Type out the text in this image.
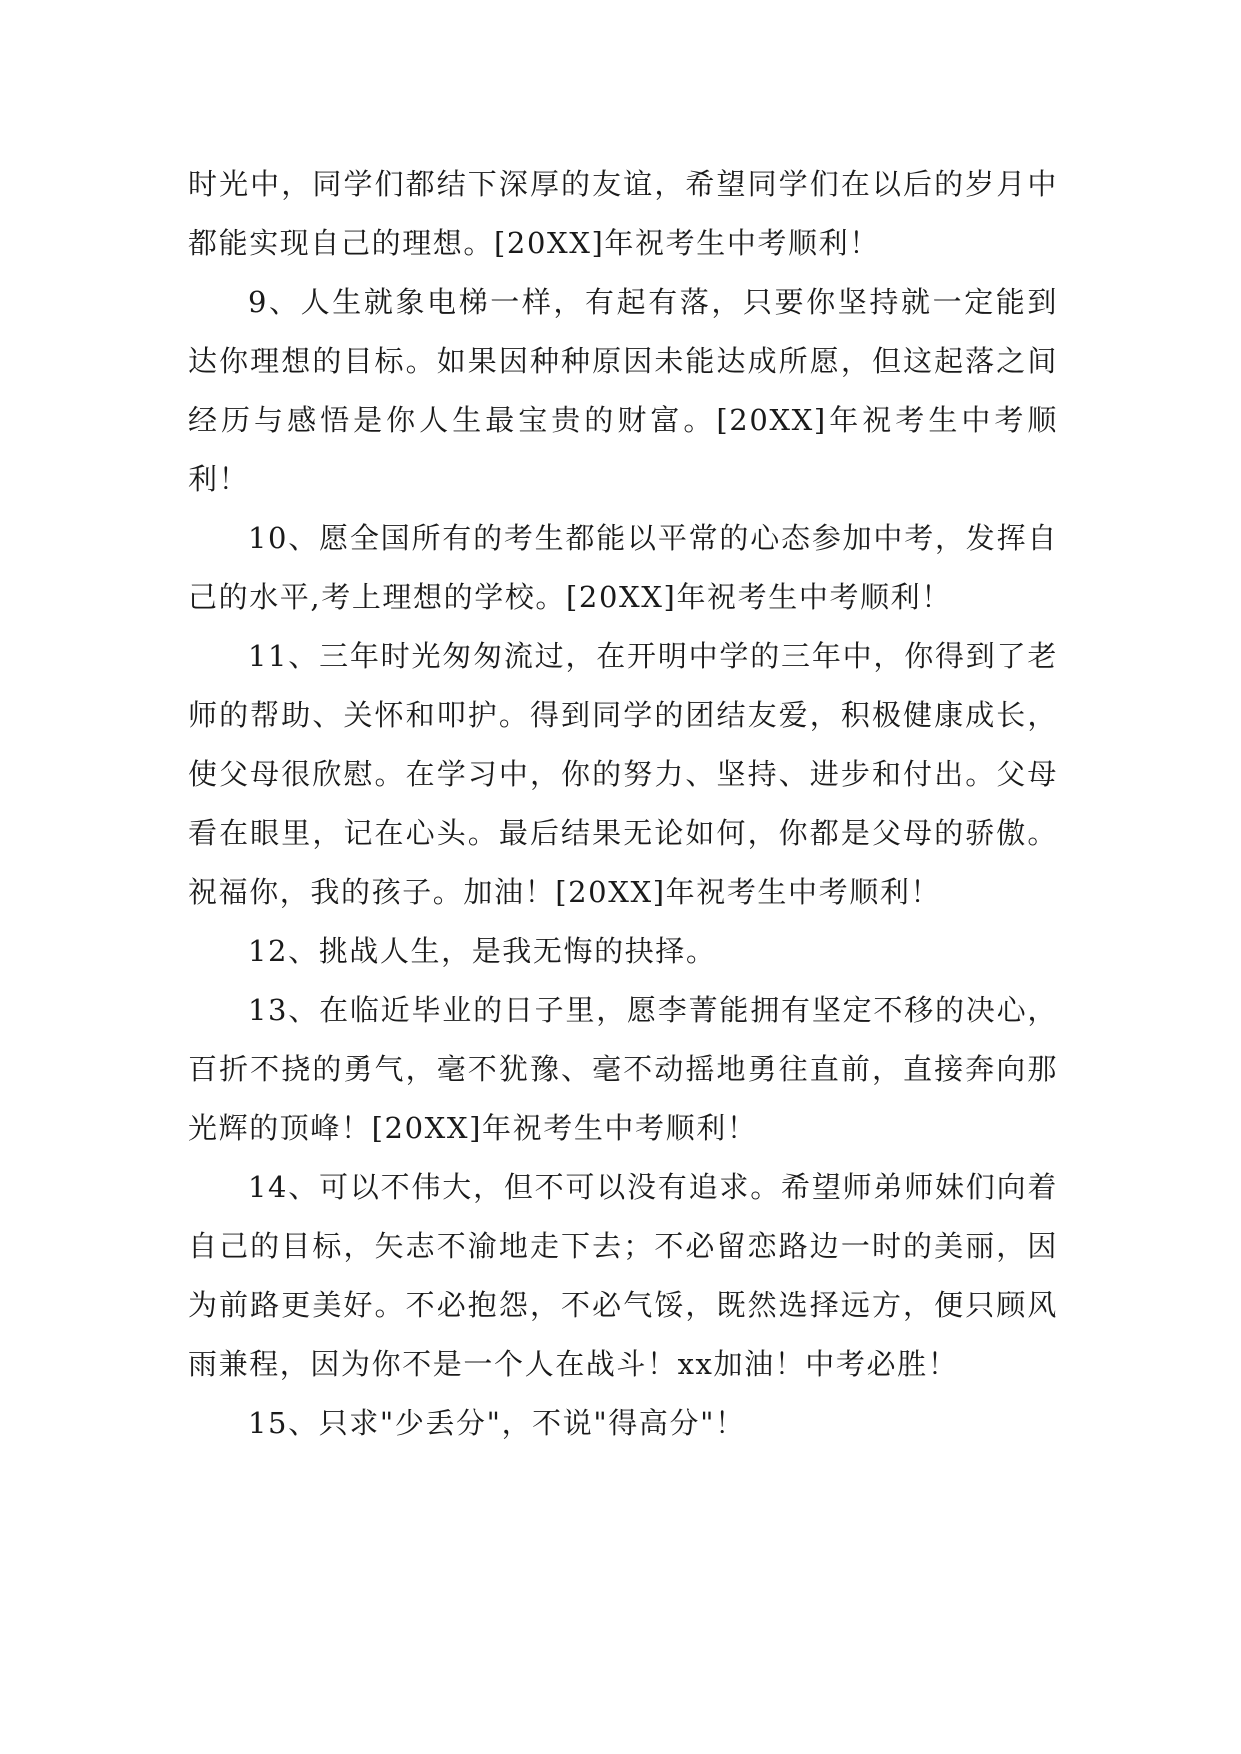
时光中，同学们都结下深厚的友谊，希望同学们在以后的岁月中都能实现自己的理想。[20XX]年祝考生中考顺利！

9、人生就象电梯一样，有起有落，只要你坚持就一定能到达你理想的目标。如果因种种原因未能达成所愿，但这起落之间经历与感悟是你人生最宝贵的财富。[20XX]年祝考生中考顺利！

10、愿全国所有的考生都能以平常的心态参加中考，发挥自己的水平,考上理想的学校。[20XX]年祝考生中考顺利！

11、三年时光匆匆流过，在开明中学的三年中，你得到了老师的帮助、关怀和叩护。得到同学的团结友爱，积极健康成长，使父母很欣慰。在学习中，你的努力、坚持、进步和付出。父母看在眼里，记在心头。最后结果无论如何，你都是父母的骄傲。祝福你，我的孩子。加油！[20XX]年祝考生中考顺利！

12、挑战人生，是我无悔的抉择。

13、在临近毕业的日子里，愿李菁能拥有坚定不移的决心，百折不挠的勇气，毫不犹豫、毫不动摇地勇往直前，直接奔向那光辉的顶峰！[20XX]年祝考生中考顺利！

14、可以不伟大，但不可以没有追求。希望师弟师妹们向着自己的目标，矢志不渝地走下去；不必留恋路边一时的美丽，因为前路更美好。不必抱怨，不必气馁，既然选择远方，便只顾风雨兼程，因为你不是一个人在战斗！xx加油！中考必胜！

15、只求"少丢分"，不说"得高分"！
